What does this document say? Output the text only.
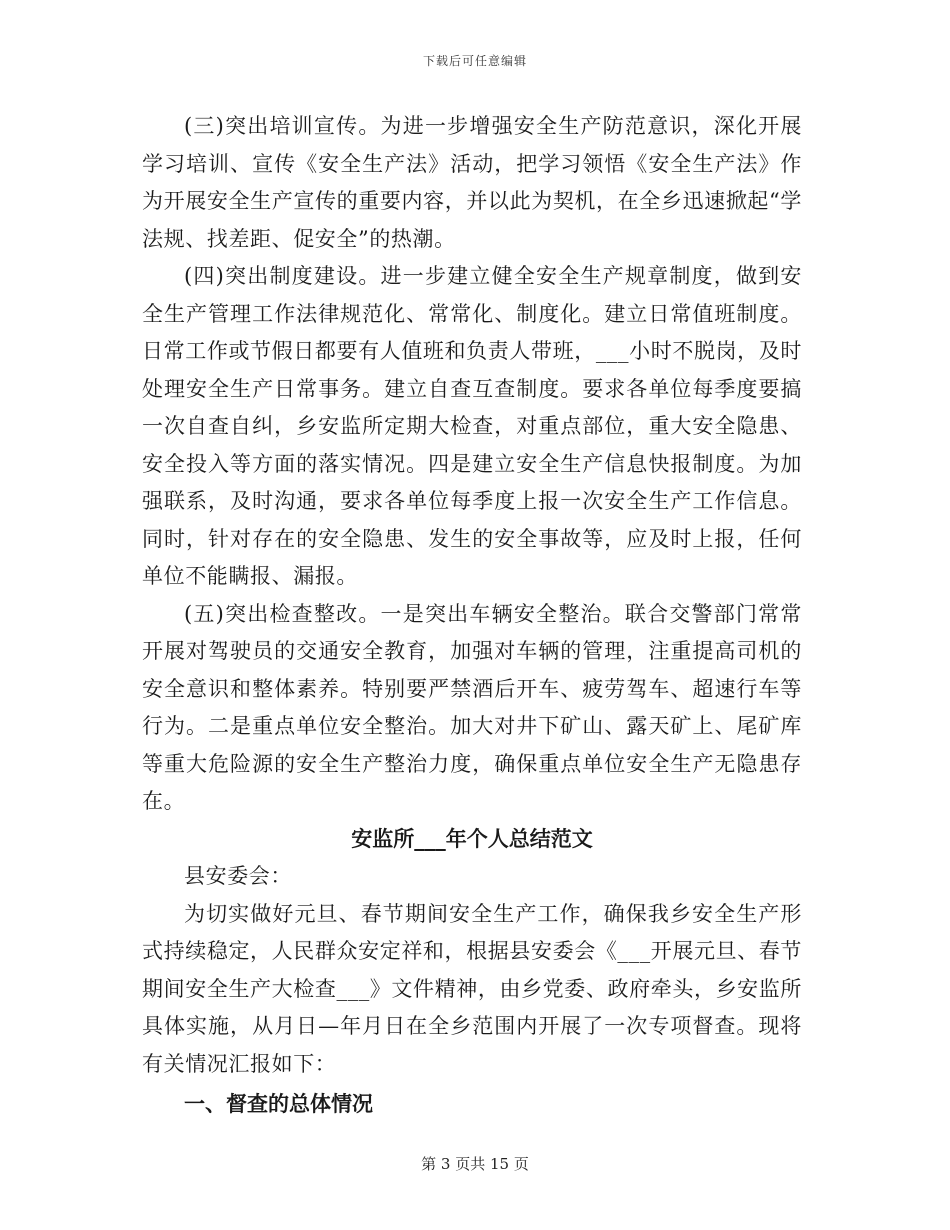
下载后可任意编辑

(三)突出培训宣传。为进一步增强安全生产防范意识，深化开展学习培训、宣传《安全生产法》活动，把学习领悟《安全生产法》作为开展安全生产宣传的重要内容，并以此为契机，在全乡迅速掀起“学法规、找差距、促安全”的热潮。

(四)突出制度建设。进一步建立健全安全生产规章制度，做到安全生产管理工作法律规范化、常常化、制度化。建立日常值班制度。日常工作或节假日都要有人值班和负责人带班，___小时不脱岗，及时处理安全生产日常事务。建立自查互查制度。要求各单位每季度要搞一次自查自纠，乡安监所定期大检查，对重点部位，重大安全隐患、安全投入等方面的落实情况。四是建立安全生产信息快报制度。为加强联系，及时沟通，要求各单位每季度上报一次安全生产工作信息。同时，针对存在的安全隐患、发生的安全事故等，应及时上报，任何单位不能瞒报、漏报。

(五)突出检查整改。一是突出车辆安全整治。联合交警部门常常开展对驾驶员的交通安全教育，加强对车辆的管理，注重提高司机的安全意识和整体素养。特别要严禁酒后开车、疲劳驾车、超速行车等行为。二是重点单位安全整治。加大对井下矿山、露天矿上、尾矿库等重大危险源的安全生产整治力度，确保重点单位安全生产无隐患存在。

安监所___年个人总结范文

县安委会：

为切实做好元旦、春节期间安全生产工作，确保我乡安全生产形式持续稳定，人民群众安定祥和，根据县安委会《___开展元旦、春节期间安全生产大检查___》文件精神，由乡党委、政府牵头，乡安监所具体实施，从月日—年月日在全乡范围内开展了一次专项督查。现将有关情况汇报如下：

一、督查的总体情况

第 3 页共 15 页
